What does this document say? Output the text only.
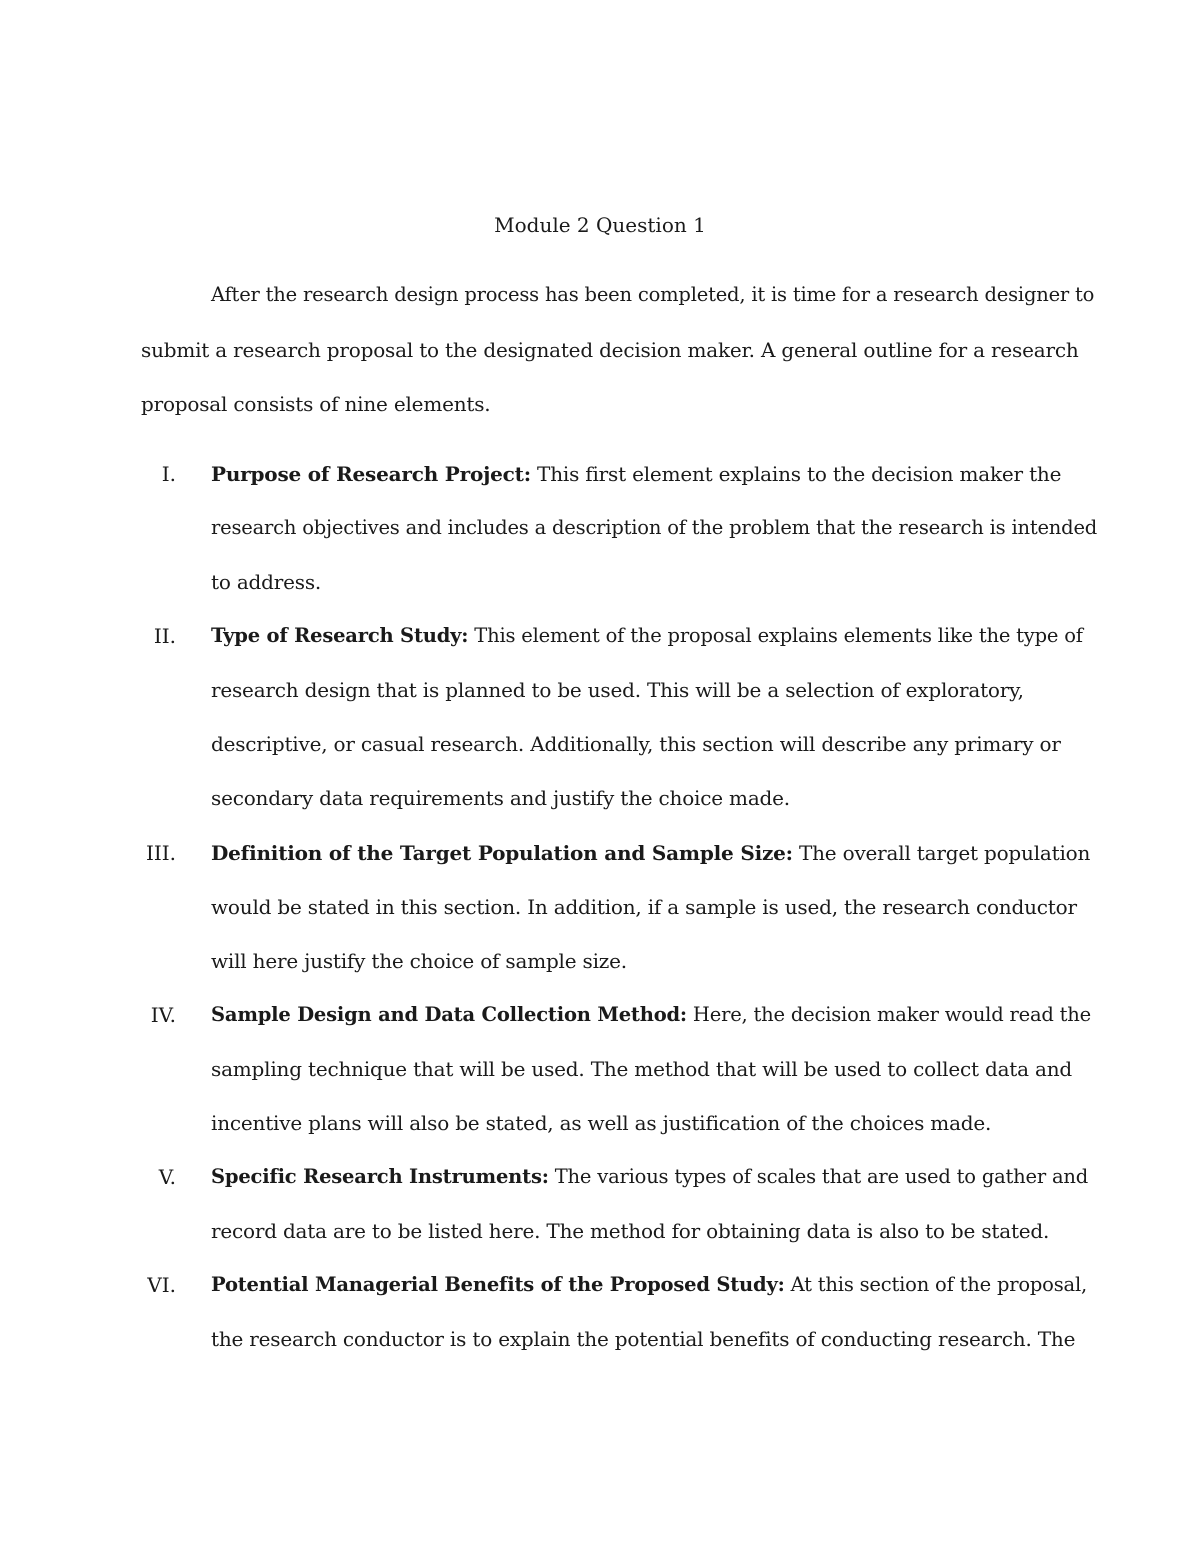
Module 2 Question 1
After the research design process has been completed, it is time for a research designer to
submit a research proposal to the designated decision maker. A general outline for a research
proposal consists of nine elements.
I. Purpose of Research Project: This first element explains to the decision maker the
research objectives and includes a description of the problem that the research is intended
to address.
II. Type of Research Study: This element of the proposal explains elements like the type of
research design that is planned to be used. This will be a selection of exploratory,
descriptive, or casual research. Additionally, this section will describe any primary or
secondary data requirements and justify the choice made.
III. Definition of the Target Population and Sample Size: The overall target population
would be stated in this section. In addition, if a sample is used, the research conductor
will here justify the choice of sample size.
IV. Sample Design and Data Collection Method: Here, the decision maker would read the
sampling technique that will be used. The method that will be used to collect data and
incentive plans will also be stated, as well as justification of the choices made.
V. Specific Research Instruments: The various types of scales that are used to gather and
record data are to be listed here. The method for obtaining data is also to be stated.
VI. Potential Managerial Benefits of the Proposed Study: At this section of the proposal,
the research conductor is to explain the potential benefits of conducting research. The
